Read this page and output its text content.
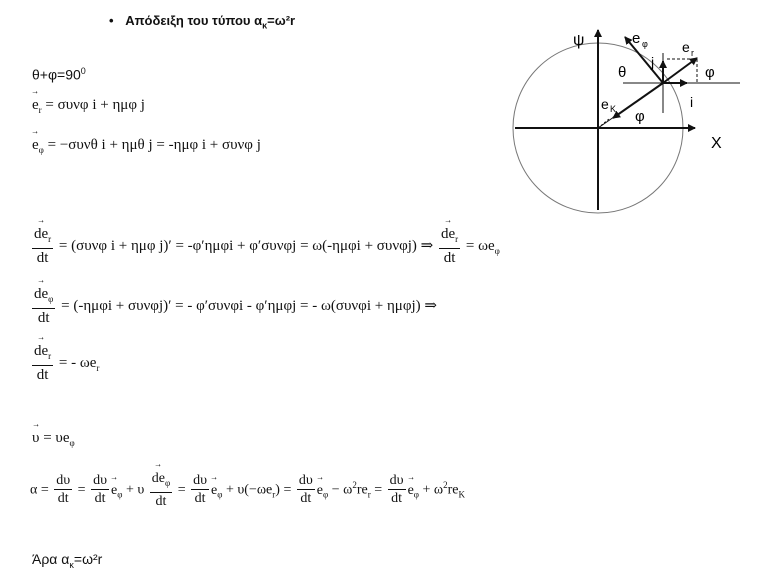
• Απόδειξη του τύπου $\alpha_\kappa=\omega^2r$
$\theta+\varphi=90^0$
→ $e_r = \sigma\upsilon\nu\varphi$ i + ημφ j
→ $e_\varphi = -\sigma\upsilon\nu\theta$ i + ημθ j = -ημφ i + συνφ j
→ $\frac{de_r}{dt} = (\sigma\upsilon\nu\varphi$ i + ημφ j)′ = -φ′ημφi + φ′συνφj = ω(-ημφi + συνφj) ⇒
→ $\frac{de_r}{dt} = \omega e_\varphi$
→ $\frac{de_\varphi}{dt} = (-\eta\mu\varphi i + \sigma\upsilon\nu\varphi j)'$ = - φ′συνφi - φ′ημφj = - ω(συνφi + ημφj) ⇒
→ $\frac{de_r}{dt}$ = - $\omega e_r$
→ $\upsilon = \upsilon e_\varphi$
$\alpha = \frac{d\upsilon}{dt} = \frac{d\upsilon}{dt}$
→ $e_\varphi + \upsilon$
→ $\frac{de_\varphi}{dt} = \frac{d\upsilon}{dt}$
→ $e_\varphi + \upsilon(-\omega e_r) = \frac{d\upsilon}{dt}$
→ $e_\varphi - \omega^2re_r = \frac{d\upsilon}{dt}$
→ $e_\varphi + \omega^2re_K$
Άρα $\alpha_\kappa=\omega^2r$
ψ
X
e φ e r
θ
j
φ
i
e K φ
